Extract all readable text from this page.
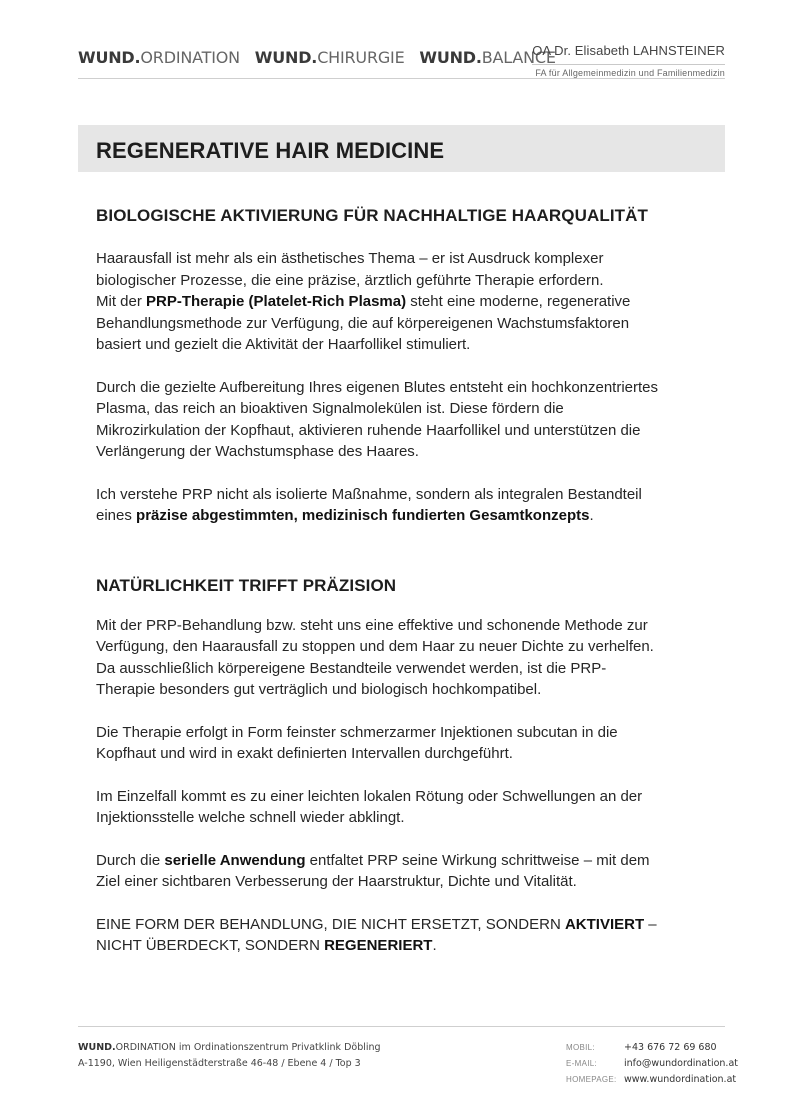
WUND.ORDINATION WUND.CHIRURGIE WUND.BALANCE
OA Dr. Elisabeth LAHNSTEINER
FA für Allgemeinmedizin und Familienmedizin
REGENERATIVE HAIR MEDICINE
BIOLOGISCHE AKTIVIERUNG FÜR NACHHALTIGE HAARQUALITÄT

Haarausfall ist mehr als ein ästhetisches Thema – er ist Ausdruck komplexer
biologischer Prozesse, die eine präzise, ärztlich geführte Therapie erfordern.
Mit der PRP-Therapie (Platelet-Rich Plasma) steht eine moderne, regenerative
Behandlungsmethode zur Verfügung, die auf körpereigenen Wachstumsfaktoren
basiert und gezielt die Aktivität der Haarfollikel stimuliert.

Durch die gezielte Aufbereitung Ihres eigenen Blutes entsteht ein hochkonzentriertes
Plasma, das reich an bioaktiven Signalmolekülen ist. Diese fördern die
Mikrozirkulation der Kopfhaut, aktivieren ruhende Haarfollikel und unterstützen die
Verlängerung der Wachstumsphase des Haares.

Ich verstehe PRP nicht als isolierte Maßnahme, sondern als integralen Bestandteil
eines präzise abgestimmten, medizinisch fundierten Gesamtkonzepts.

NATÜRLICHKEIT TRIFFT PRÄZISION

Mit der PRP-Behandlung bzw. steht uns eine effektive und schonende Methode zur
Verfügung, den Haarausfall zu stoppen und dem Haar zu neuer Dichte zu verhelfen.
Da ausschließlich körpereigene Bestandteile verwendet werden, ist die PRP-
Therapie besonders gut verträglich und biologisch hochkompatibel.

Die Therapie erfolgt in Form feinster schmerzarmer Injektionen subcutan in die
Kopfhaut und wird in exakt definierten Intervallen durchgeführt.

Im Einzelfall kommt es zu einer leichten lokalen Rötung oder Schwellungen an der
Injektionsstelle welche schnell wieder abklingt.

Durch die serielle Anwendung entfaltet PRP seine Wirkung schrittweise – mit dem
Ziel einer sichtbaren Verbesserung der Haarstruktur, Dichte und Vitalität.

EINE FORM DER BEHANDLUNG, DIE NICHT ERSETZT, SONDERN AKTIVIERT –
NICHT ÜBERDECKT, SONDERN REGENERIERT.

WUND.ORDINATION im Ordinationszentrum Privatklink Döbling
A-1190, Wien Heiligenstädterstraße 46-48 / Ebene 4 / Top 3
MOBIL:	+43 676 72 69 680
E-MAIL:	info@wundordination.at
HOMEPAGE: www.wundordination.at
